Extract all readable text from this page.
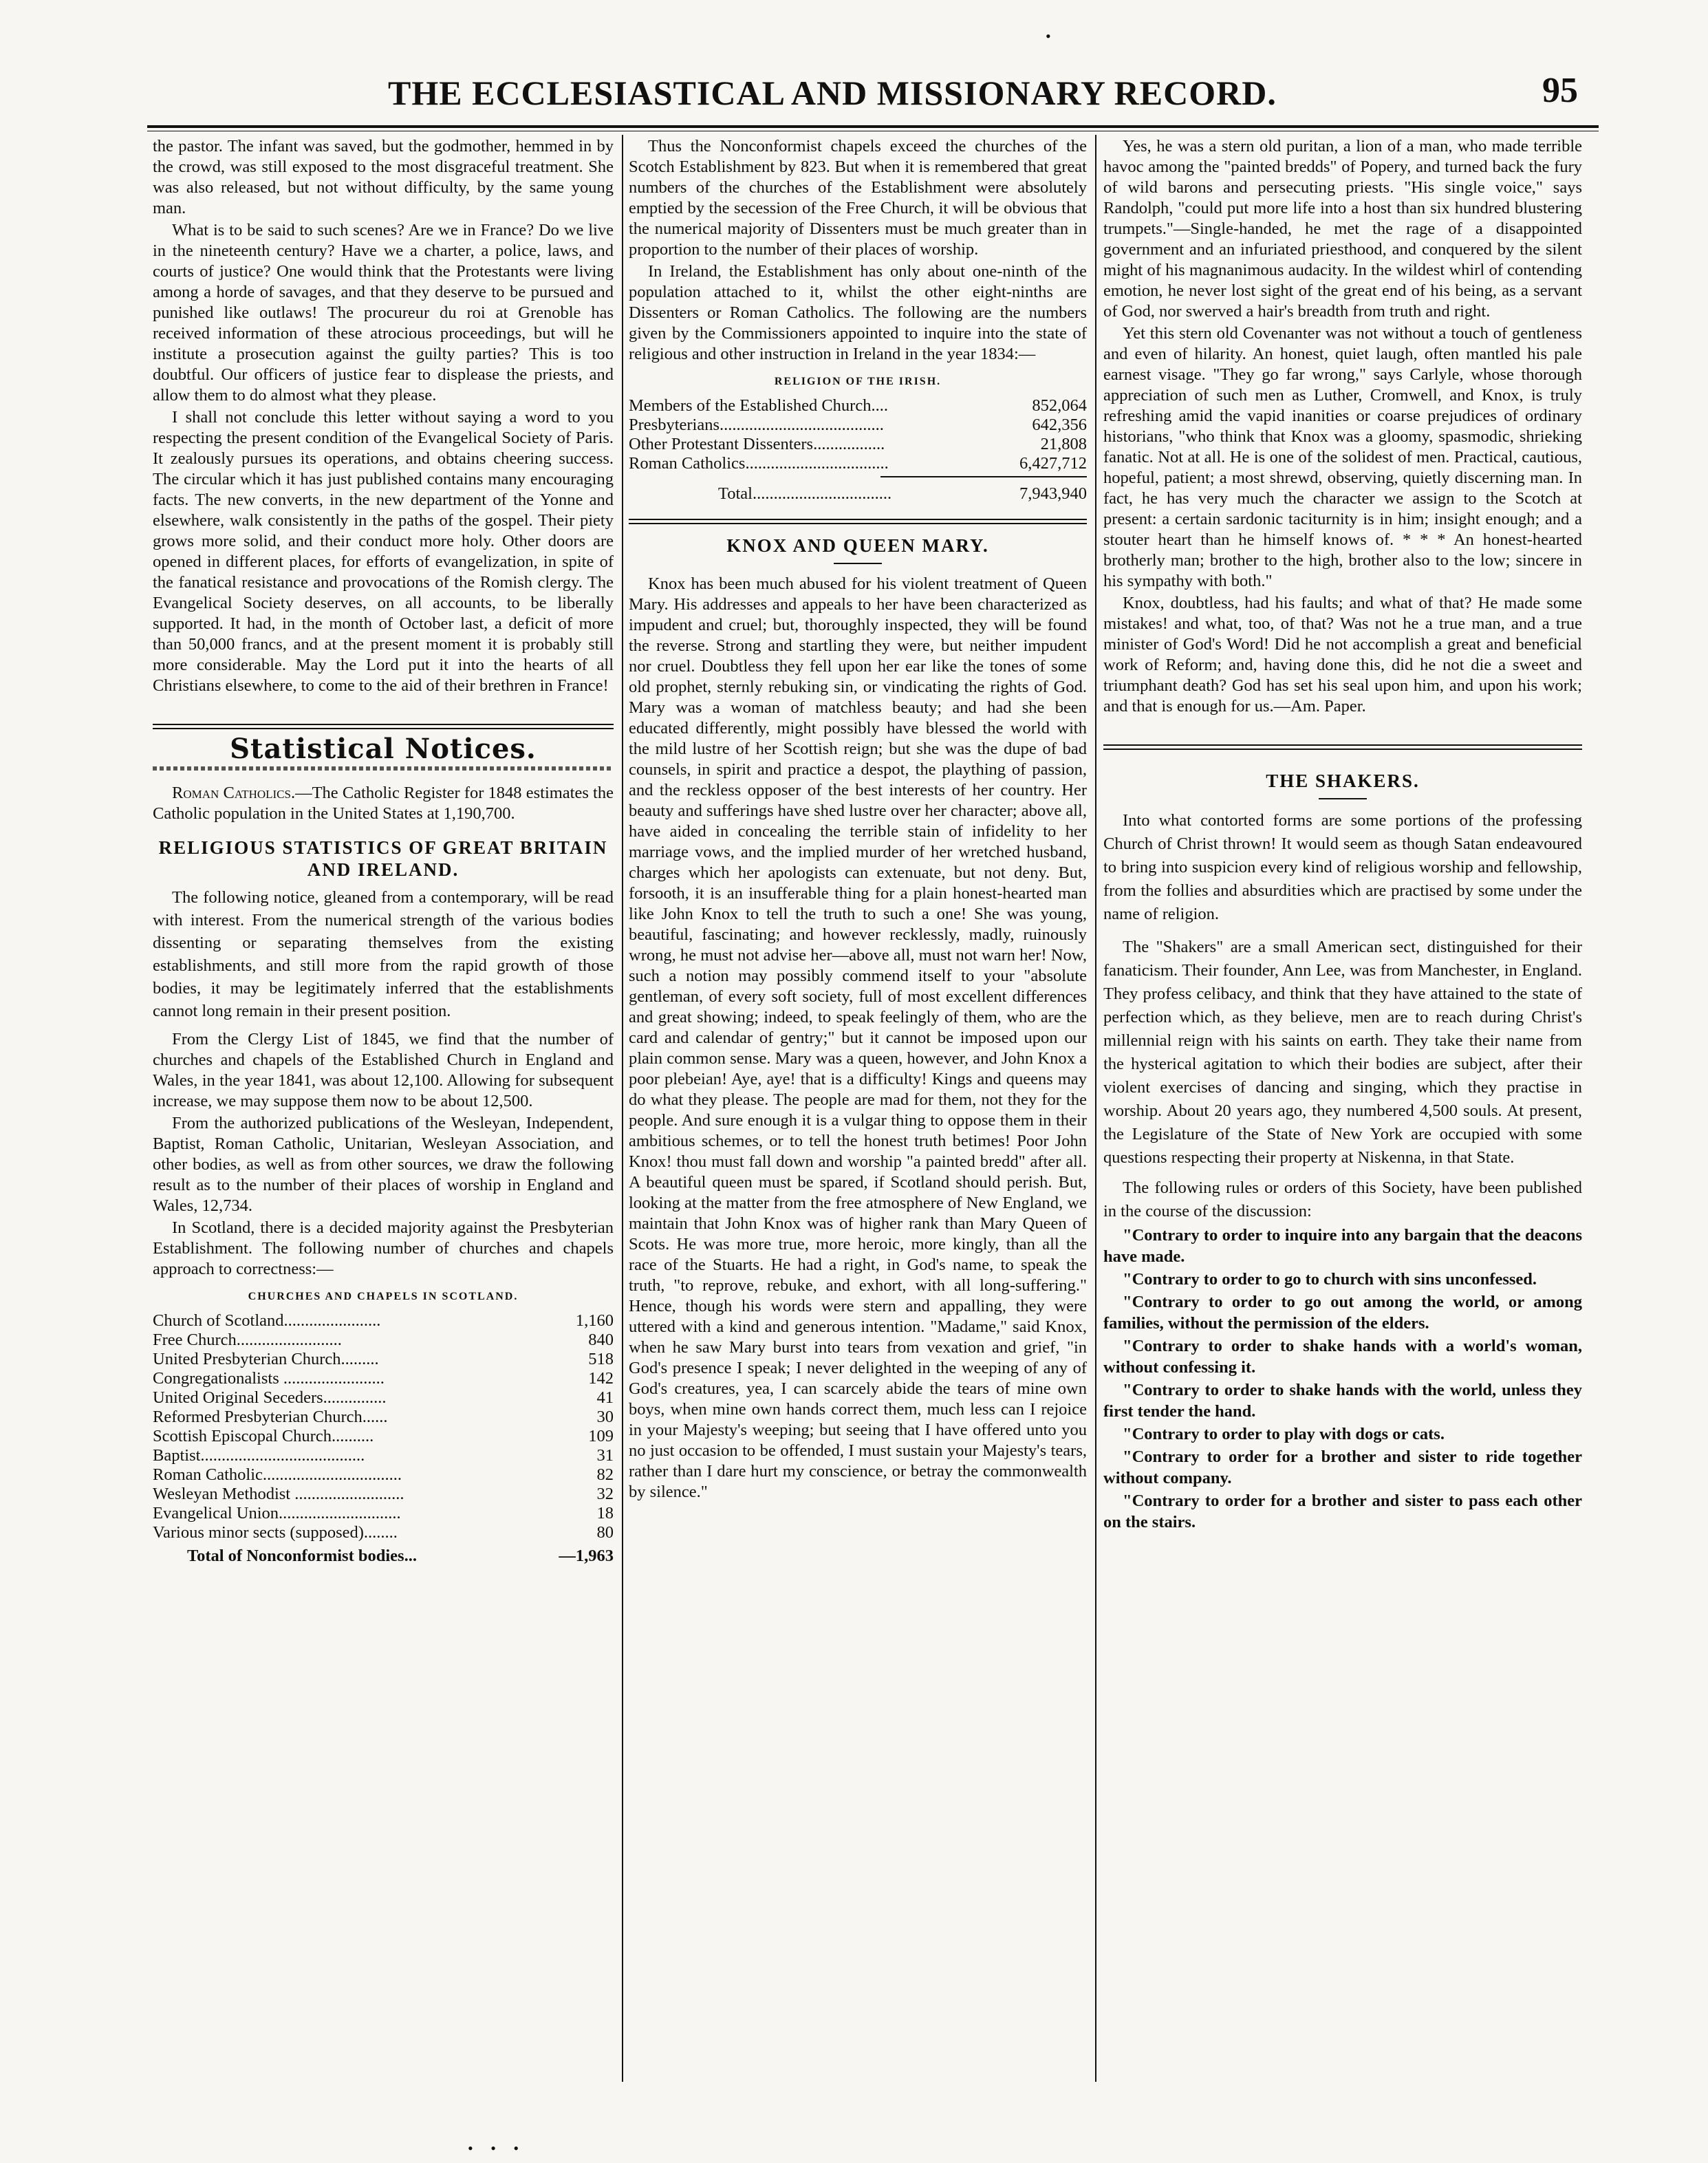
•
THE ECCLESIASTICAL AND MISSIONARY RECORD.	95

the pastor. The infant was saved, but the godmother, hemmed in by the crowd, was still exposed to the most disgraceful treatment. She was also released, but not without difficulty, by the same young man.

What is to be said to such scenes? Are we in France? Do we live in the nineteenth century? Have we a charter, a police, laws, and courts of justice? One would think that the Protestants were living among a horde of savages, and that they deserve to be pursued and punished like outlaws! The procureur du roi at Grenoble has received information of these atrocious proceedings, but will he institute a prosecution against the guilty parties? This is too doubtful. Our officers of justice fear to displease the priests, and allow them to do almost what they please.

I shall not conclude this letter without saying a word to you respecting the present condition of the Evangelical Society of Paris. It zealously pursues its operations, and obtains cheering success. The circular which it has just published contains many encouraging facts. The new converts, in the new department of the Yonne and elsewhere, walk consistently in the paths of the gospel. Their piety grows more solid, and their conduct more holy. Other doors are opened in different places, for efforts of evangelization, in spite of the fanatical resistance and provocations of the Romish clergy. The Evangelical Society deserves, on all accounts, to be liberally supported. It had, in the month of October last, a deficit of more than 50,000 francs, and at the present moment it is probably still more considerable. May the Lord put it into the hearts of all Christians elsewhere, to come to the aid of their brethren in France!

Statistical Notices.

Roman Catholics.—The Catholic Register for 1848 estimates the Catholic population in the United States at 1,190,700.

RELIGIOUS STATISTICS OF GREAT BRITAIN AND IRELAND.

The following notice, gleaned from a contemporary, will be read with interest. From the numerical strength of the various bodies dissenting or separating themselves from the existing establishments, and still more from the rapid growth of those bodies, it may be legitimately inferred that the establishments cannot long remain in their present position.

From the Clergy List of 1845, we find that the number of churches and chapels of the Established Church in England and Wales, in the year 1841, was about 12,100. Allowing for subsequent increase, we may suppose them now to be about 12,500.

From the authorized publications of the Wesleyan, Independent, Baptist, Roman Catholic, Unitarian, Wesleyan Association, and other bodies, as well as from other sources, we draw the following result as to the number of their places of worship in England and Wales, 12,734.

In Scotland, there is a decided majority against the Presbyterian Establishment. The following number of churches and chapels approach to correctness:—

CHURCHES AND CHAPELS IN SCOTLAND.
Church of Scotland.......................	1,160
Free Church.........................	840
United Presbyterian Church.........	518
Congregationalists ........................	142
United Original Seceders...............	41
Reformed Presbyterian Church......	30
Scottish Episcopal Church..........	109
Baptist.......................................	31
Roman Catholic.................................	82
Wesleyan Methodist ..........................	32
Evangelical Union.............................	18
Various minor sects (supposed)........	80
Total of Nonconformist bodies...	—1,963

Thus the Nonconformist chapels exceed the churches of the Scotch Establishment by 823. But when it is remembered that great numbers of the churches of the Establishment were absolutely emptied by the secession of the Free Church, it will be obvious that the numerical majority of Dissenters must be much greater than in proportion to the number of their places of worship.

In Ireland, the Establishment has only about one-ninth of the population attached to it, whilst the other eight-ninths are Dissenters or Roman Catholics. The following are the numbers given by the Commissioners appointed to inquire into the state of religious and other instruction in Ireland in the year 1834:—

RELIGION OF THE IRISH.
Members of the Established Church....	852,064
Presbyterians.......................................	642,356
Other Protestant Dissenters.................	21,808
Roman Catholics..................................	6,427,712
Total.................................	7,943,940
KNOX AND QUEEN MARY.

Knox has been much abused for his violent treatment of Queen Mary. His addresses and appeals to her have been characterized as impudent and cruel; but, thoroughly inspected, they will be found the reverse. Strong and startling they were, but neither impudent nor cruel. Doubtless they fell upon her ear like the tones of some old prophet, sternly rebuking sin, or vindicating the rights of God. Mary was a woman of matchless beauty; and had she been educated differently, might possibly have blessed the world with the mild lustre of her Scottish reign; but she was the dupe of bad counsels, in spirit and practice a despot, the plaything of passion, and the reckless opposer of the best interests of her country. Her beauty and sufferings have shed lustre over her character; above all, have aided in concealing the terrible stain of infidelity to her marriage vows, and the implied murder of her wretched husband, charges which her apologists can extenuate, but not deny. But, forsooth, it is an insufferable thing for a plain honest-hearted man like John Knox to tell the truth to such a one! She was young, beautiful, fascinating; and however recklessly, madly, ruinously wrong, he must not advise her—above all, must not warn her! Now, such a notion may possibly commend itself to your "absolute gentleman, of every soft society, full of most excellent differences and great showing; indeed, to speak feelingly of them, who are the card and calendar of gentry;" but it cannot be imposed upon our plain common sense. Mary was a queen, however, and John Knox a poor plebeian! Aye, aye! that is a difficulty! Kings and queens may do what they please. The people are mad for them, not they for the people. And sure enough it is a vulgar thing to oppose them in their ambitious schemes, or to tell the honest truth betimes! Poor John Knox! thou must fall down and worship "a painted bredd" after all. A beautiful queen must be spared, if Scotland should perish. But, looking at the matter from the free atmosphere of New England, we maintain that John Knox was of higher rank than Mary Queen of Scots. He was more true, more heroic, more kingly, than all the race of the Stuarts. He had a right, in God's name, to speak the truth, "to reprove, rebuke, and exhort, with all long-suffering." Hence, though his words were stern and appalling, they were uttered with a kind and generous intention. "Madame," said Knox, when he saw Mary burst into tears from vexation and grief, "in God's presence I speak; I never delighted in the weeping of any of God's creatures, yea, I can scarcely abide the tears of mine own boys, when mine own hands correct them, much less can I rejoice in your Majesty's weeping; but seeing that I have offered unto you no just occasion to be offended, I must sustain your Majesty's tears, rather than I dare hurt my conscience, or betray the commonwealth by silence."

Yes, he was a stern old puritan, a lion of a man, who made terrible havoc among the "painted bredds" of Popery, and turned back the fury of wild barons and persecuting priests. "His single voice," says Randolph, "could put more life into a host than six hundred blustering trumpets."—Single-handed, he met the rage of a disappointed government and an infuriated priesthood, and conquered by the silent might of his magnanimous audacity. In the wildest whirl of contending emotion, he never lost sight of the great end of his being, as a servant of God, nor swerved a hair's breadth from truth and right.

Yet this stern old Covenanter was not without a touch of gentleness and even of hilarity. An honest, quiet laugh, often mantled his pale earnest visage. "They go far wrong," says Carlyle, whose thorough appreciation of such men as Luther, Cromwell, and Knox, is truly refreshing amid the vapid inanities or coarse prejudices of ordinary historians, "who think that Knox was a gloomy, spasmodic, shrieking fanatic. Not at all. He is one of the solidest of men. Practical, cautious, hopeful, patient; a most shrewd, observing, quietly discerning man. In fact, he has very much the character we assign to the Scotch at present: a certain sardonic taciturnity is in him; insight enough; and a stouter heart than he himself knows of. * * * An honest-hearted brotherly man; brother to the high, brother also to the low; sincere in his sympathy with both."

Knox, doubtless, had his faults; and what of that? He made some mistakes! and what, too, of that? Was not he a true man, and a true minister of God's Word! Did he not accomplish a great and beneficial work of Reform; and, having done this, did he not die a sweet and triumphant death? God has set his seal upon him, and upon his work; and that is enough for us.—Am. Paper.

THE SHAKERS.

Into what contorted forms are some portions of the professing Church of Christ thrown! It would seem as though Satan endeavoured to bring into suspicion every kind of religious worship and fellowship, from the follies and absurdities which are practised by some under the name of religion.

The "Shakers" are a small American sect, distinguished for their fanaticism. Their founder, Ann Lee, was from Manchester, in England. They profess celibacy, and think that they have attained to the state of perfection which, as they believe, men are to reach during Christ's millennial reign with his saints on earth. They take their name from the hysterical agitation to which their bodies are subject, after their violent exercises of dancing and singing, which they practise in worship. About 20 years ago, they numbered 4,500 souls. At present, the Legislature of the State of New York are occupied with some questions respecting their property at Niskenna, in that State.

The following rules or orders of this Society, have been published in the course of the discussion:

"Contrary to order to inquire into any bargain that the deacons have made.

"Contrary to order to go to church with sins unconfessed.

"Contrary to order to go out among the world, or among families, without the permission of the elders.

"Contrary to order to shake hands with a world's woman, without confessing it.

"Contrary to order to shake hands with the world, unless they first tender the hand.

"Contrary to order to play with dogs or cats.

"Contrary to order for a brother and sister to ride together without company.

"Contrary to order for a brother and sister to pass each other on the stairs.

• • •
